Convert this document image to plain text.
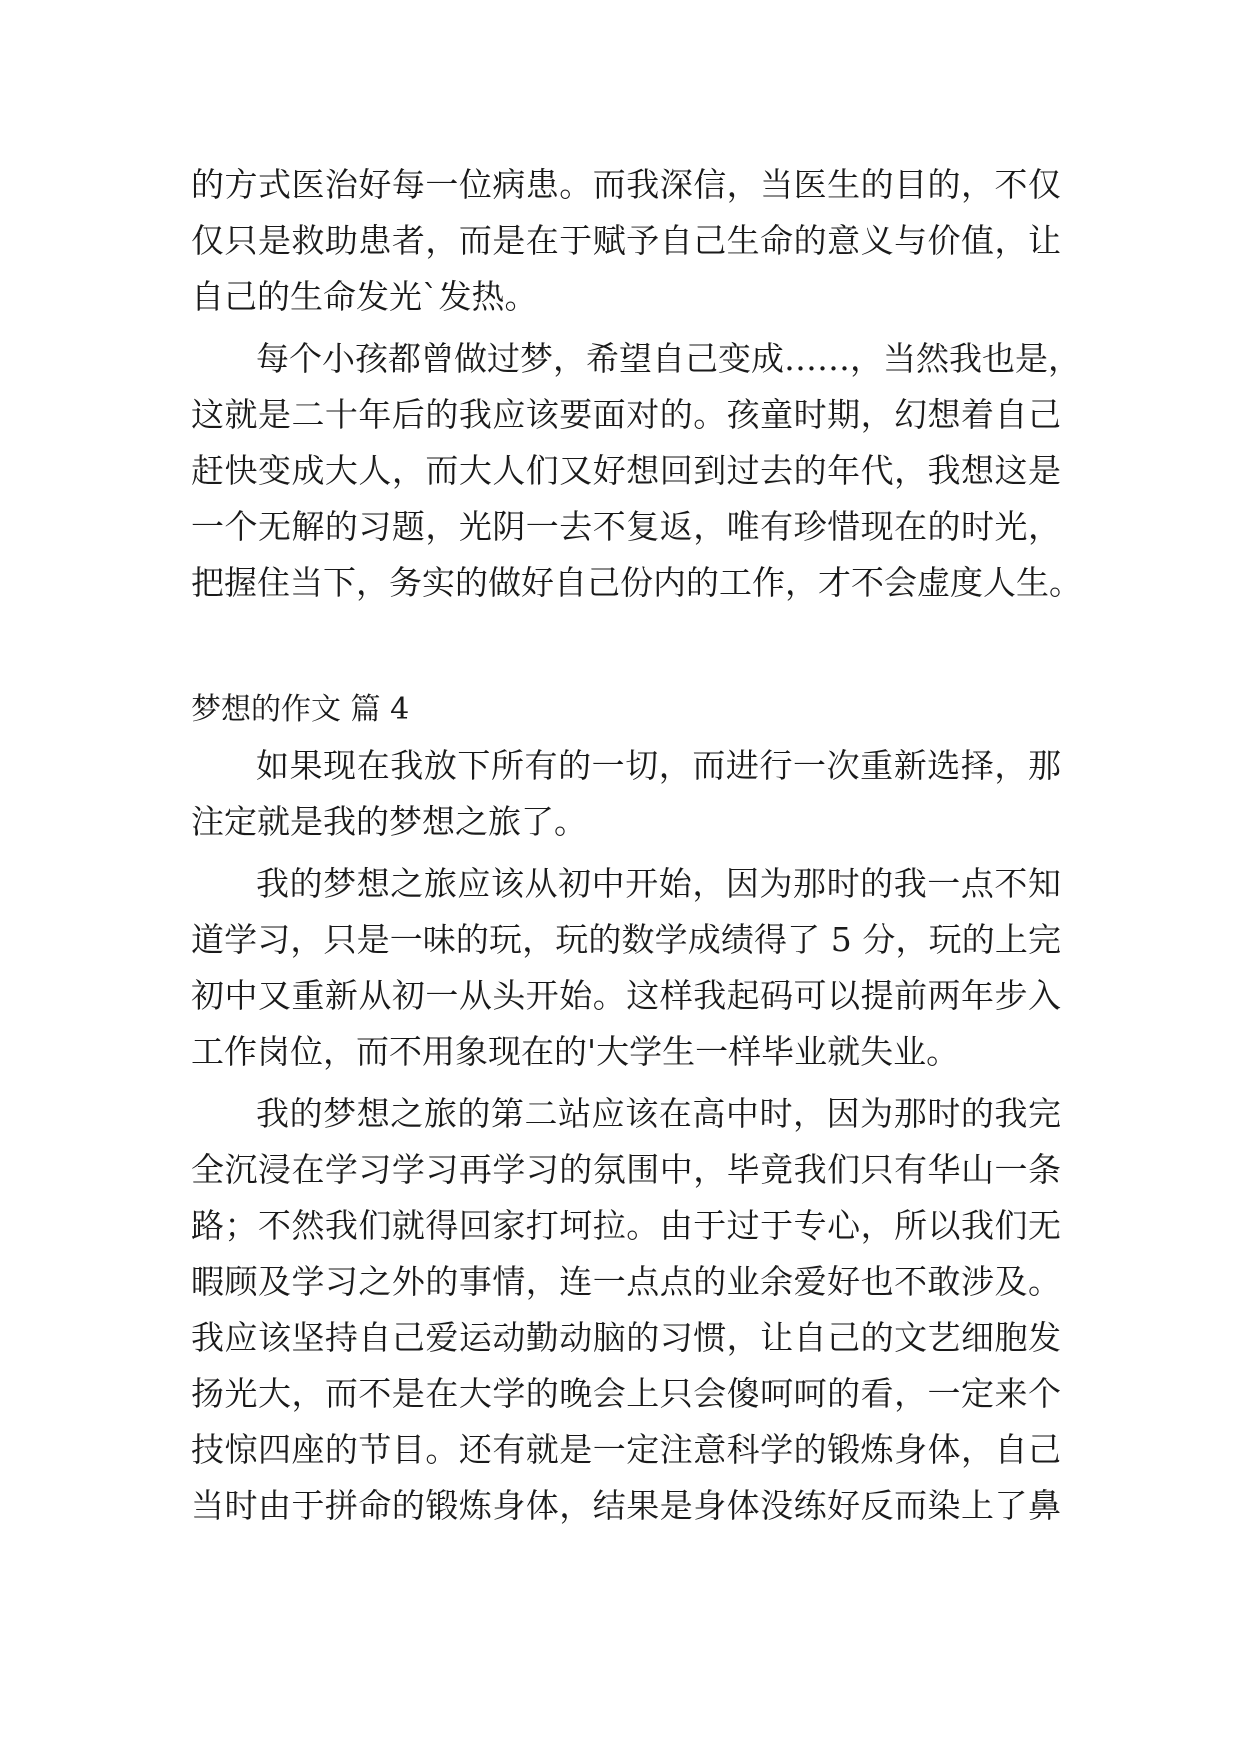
的方式医治好每一位病患。而我深信，当医生的目的，不仅
仅只是救助患者，而是在于赋予自己生命的意义与价值，让
自己的生命发光`发热。
每个小孩都曾做过梦，希望自己变成……，当然我也是，
这就是二十年后的我应该要面对的。孩童时期，幻想着自己
赶快变成大人，而大人们又好想回到过去的年代，我想这是
一个无解的习题，光阴一去不复返，唯有珍惜现在的时光，
把握住当下，务实的做好自己份内的工作，才不会虚度人生。
梦想的作文 篇 4
如果现在我放下所有的一切，而进行一次重新选择，那
注定就是我的梦想之旅了。
我的梦想之旅应该从初中开始，因为那时的我一点不知
道学习，只是一味的玩，玩的数学成绩得了 5 分，玩的上完
初中又重新从初一从头开始。这样我起码可以提前两年步入
工作岗位，而不用象现在的'大学生一样毕业就失业。
我的梦想之旅的第二站应该在高中时，因为那时的我完
全沉浸在学习学习再学习的氛围中，毕竟我们只有华山一条
路；不然我们就得回家打坷拉。由于过于专心，所以我们无
暇顾及学习之外的事情，连一点点的业余爱好也不敢涉及。
我应该坚持自己爱运动勤动脑的习惯，让自己的文艺细胞发
扬光大，而不是在大学的晚会上只会傻呵呵的看，一定来个
技惊四座的节目。还有就是一定注意科学的锻炼身体，自己
当时由于拼命的锻炼身体，结果是身体没练好反而染上了鼻
